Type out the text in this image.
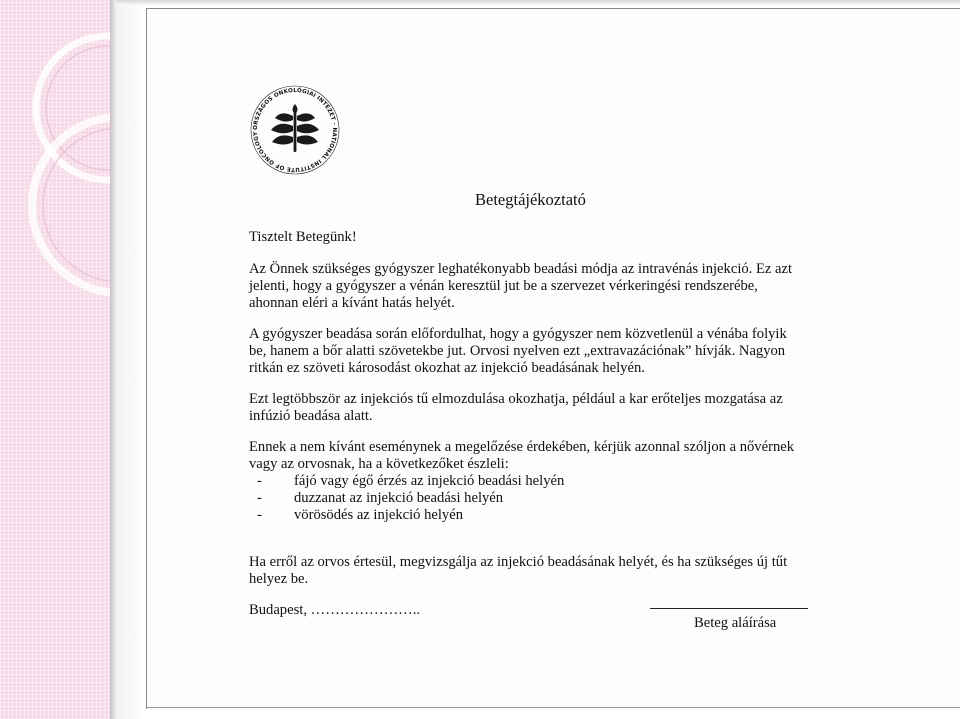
ORSZÁGOS ONKOLÓGIAI INTÉZET · NATIONAL INSTITUTE OF ONCOLOGY
Betegtájékoztató
Tisztelt Betegünk!
Az Önnek szükséges gyógyszer leghatékonyabb beadási módja az intravénás injekció. Ez azt
jelenti, hogy a gyógyszer a vénán keresztül jut be a szervezet vérkeringési rendszerébe,
ahonnan eléri a kívánt hatás helyét.
A gyógyszer beadása során előfordulhat, hogy a gyógyszer nem közvetlenül a vénába folyik
be, hanem a bőr alatti szövetekbe jut. Orvosi nyelven ezt „extravazációnak” hívják. Nagyon
ritkán ez szöveti károsodást okozhat az injekció beadásának helyén.
Ezt legtöbbször az injekciós tű elmozdulása okozhatja, például a kar erőteljes mozgatása az
infúzió beadása alatt.
Ennek a nem kívánt eseménynek a megelőzése érdekében, kérjük azonnal szóljon a nővérnek
vagy az orvosnak, ha a következőket észleli:
- fájó vagy égő érzés az injekció beadási helyén
- duzzanat az injekció beadási helyén
- vörösödés az injekció helyén
Ha erről az orvos értesül, megvizsgálja az injekció beadásának helyét, és ha szükséges új tűt
helyez be.
Budapest, …………………..
Beteg aláírása
